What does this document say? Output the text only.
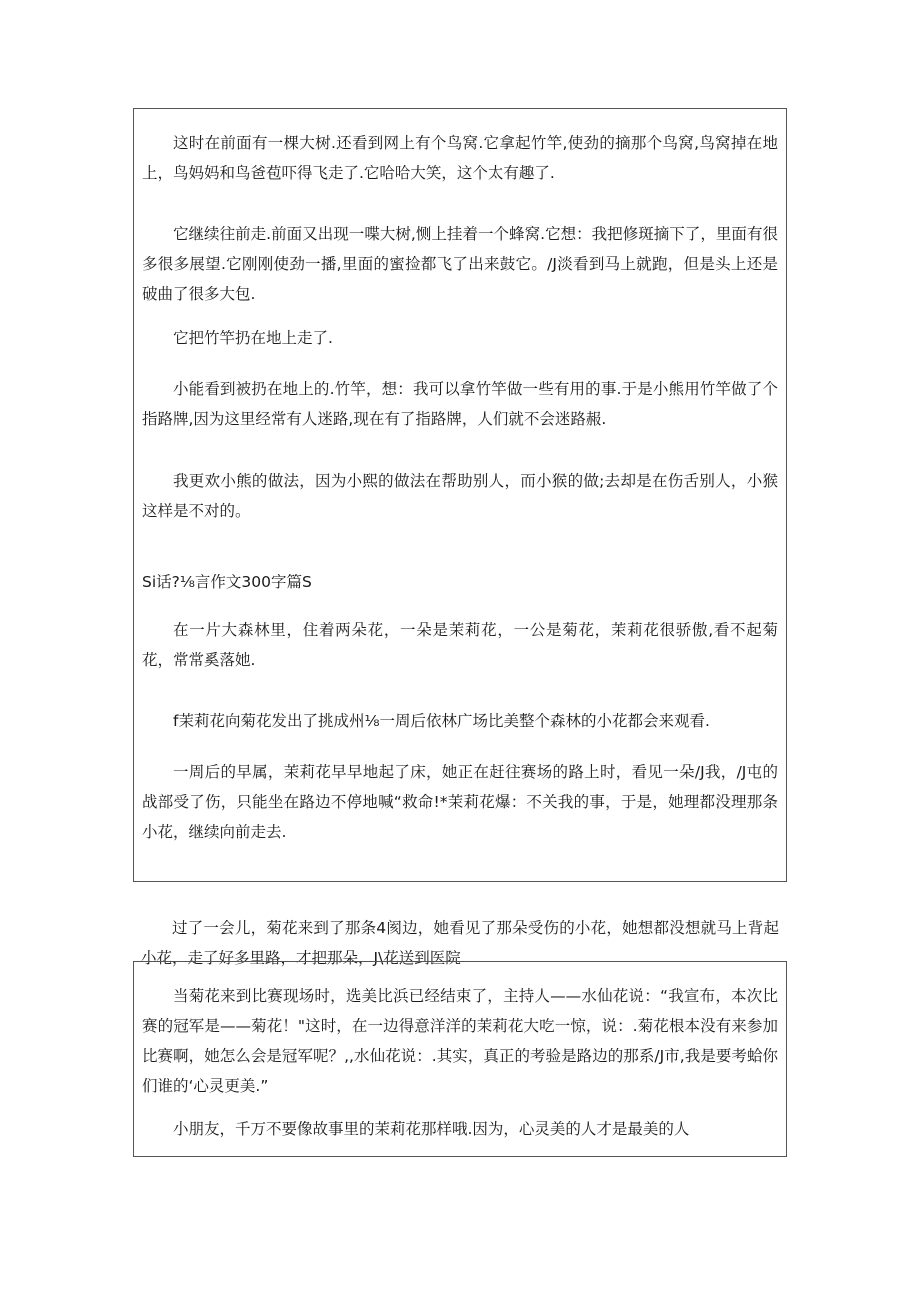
这时在前面有一棵大树.还看到网上有个鸟窝.它拿起竹竿,使劲的摘那个鸟窝,鸟窝掉在地上，鸟妈妈和鸟爸苞吓得飞走了.它哈哈大笑，这个太有趣了.

它继续往前走.前面又出现一喋大树,恻上挂着一个蜂窝.它想：我把修斑摘下了，里面有很多很多展望.它刚刚使劲一播,里面的蜜捡都飞了出来鼓它。/J淡看到马上就跑，但是头上还是破曲了很多大包.

它把竹竿扔在地上走了.

小能看到被扔在地上的.竹竿，想：我可以拿竹竿做一些有用的事.于是小熊用竹竿做了个指路牌,因为这里经常有人迷路,现在有了指路牌，人们就不会迷路赧.

我更欢小熊的做法，因为小熙的做法在帮助别人，而小猴的做;去却是在伤舌别人，小猴这样是不对的。

Si话?⅛言作文300字篇S

在一片大森林里，住着两朵花，一朵是茉莉花，一公是菊花，茉莉花很骄傲,看不起菊花，常常奚落她.

f茉莉花向菊花发出了挑成州⅛一周后依林广场比美整个森林的小花都会来观看.

一周后的早属，茉莉花早早地起了床，她正在赶往赛场的路上时，看见一朵/J我，/J屯的战部受了伤，只能坐在路边不停地喊“救命!*茉莉花爆：不关我的事，于是，她理都没理那条小花，继续向前走去.

过了一会儿，菊花来到了那条4阂边，她看见了那朵受伤的小花，她想都没想就马上背起小花，走了好多里路，才把那朵，J\花送到医院

当菊花来到比赛现场时，选美比浜已经结束了，主持人——水仙花说：“我宣布，本次比赛的冠军是——菊花！"这时，在一边得意洋洋的茉莉花大吃一惊，说：.菊花根本没有来参加比赛啊，她怎么会是冠军呢？,,水仙花说：.其实，真正的考验是路边的那系/J市,我是要考蛤你们谁的‘心灵更美.”

小朋友，千万不要像故事里的茉莉花那样哦.因为，心灵美的人才是最美的人
